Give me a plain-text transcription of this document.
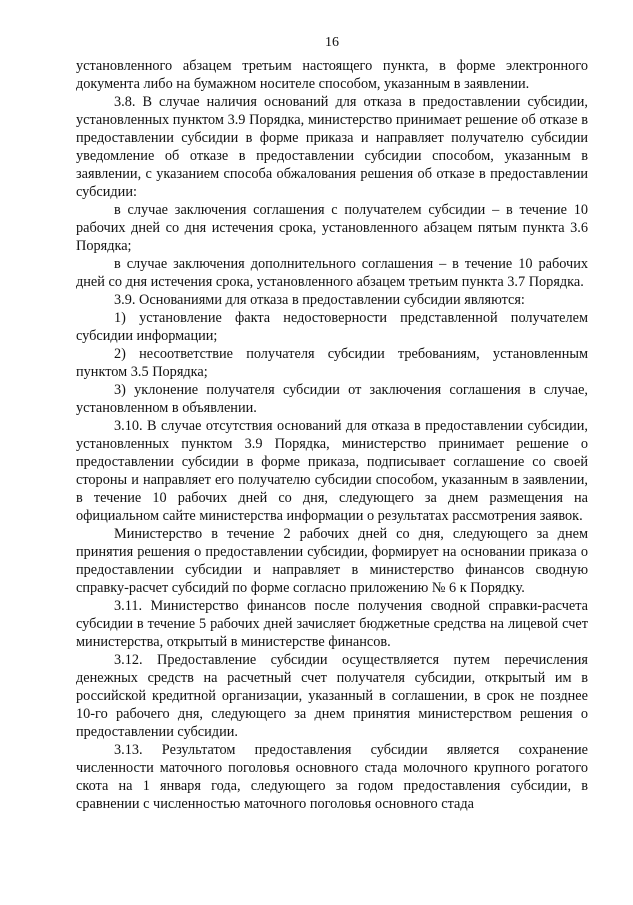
16

установленного абзацем третьим настоящего пункта, в форме электронного документа либо на бумажном носителе способом, указанным в заявлении.

3.8. В случае наличия оснований для отказа в предоставлении субсидии, установленных пунктом 3.9 Порядка, министерство принимает решение об отказе в предоставлении субсидии в форме приказа и направляет получателю субсидии уведомление об отказе в предоставлении субсидии способом, указанным в заявлении, с указанием способа обжалования решения об отказе в предоставлении субсидии:

в случае заключения соглашения с получателем субсидии – в течение 10 рабочих дней со дня истечения срока, установленного абзацем пятым пункта 3.6 Порядка;

в случае заключения дополнительного соглашения – в течение 10 рабочих дней со дня истечения срока, установленного абзацем третьим пункта 3.7 Порядка.

3.9. Основаниями для отказа в предоставлении субсидии являются:

1) установление факта недостоверности представленной получателем субсидии информации;

2) несоответствие получателя субсидии требованиям, установленным пунктом 3.5 Порядка;

3) уклонение получателя субсидии от заключения соглашения в случае, установленном в объявлении.

3.10. В случае отсутствия оснований для отказа в предоставлении субсидии, установленных пунктом 3.9 Порядка, министерство принимает решение о предоставлении субсидии в форме приказа, подписывает соглашение со своей стороны и направляет его получателю субсидии способом, указанным в заявлении, в течение 10 рабочих дней со дня, следующего за днем размещения на официальном сайте министерства информации о результатах рассмотрения заявок.

Министерство в течение 2 рабочих дней со дня, следующего за днем принятия решения о предоставлении субсидии, формирует на основании приказа о предоставлении субсидии и направляет в министерство финансов сводную справку-расчет субсидий по форме согласно приложению № 6 к Порядку.

3.11. Министерство финансов после получения сводной справки-расчета субсидии в течение 5 рабочих дней зачисляет бюджетные средства на лицевой счет министерства, открытый в министерстве финансов.

3.12. Предоставление субсидии осуществляется путем перечисления денежных средств на расчетный счет получателя субсидии, открытый им в российской кредитной организации, указанный в соглашении, в срок не позднее 10-го рабочего дня, следующего за днем принятия министерством решения о предоставлении субсидии.

3.13. Результатом предоставления субсидии является сохранение численности маточного поголовья основного стада молочного крупного рогатого скота на 1 января года, следующего за годом предоставления субсидии, в сравнении с численностью маточного поголовья основного стада
